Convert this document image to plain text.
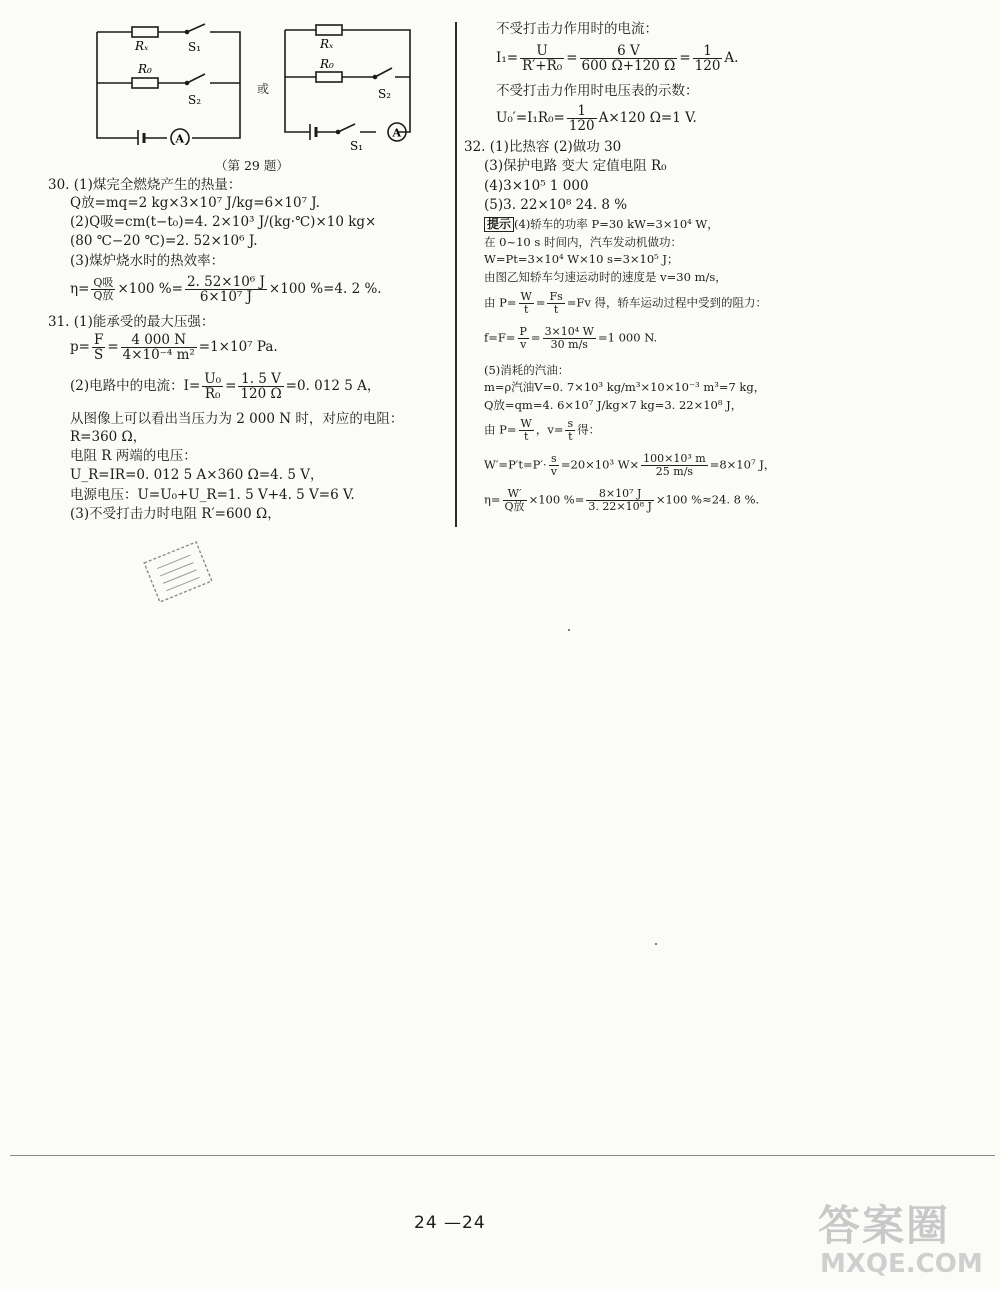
Rₓ	S₁
R₀
S₂
A
或
Rₓ
R₀
S₂
S₁
A
（第 29 题）
30. (1)煤完全燃烧产生的热量：
Q放=mq=2 kg×3×10⁷ J/kg=6×10⁷ J.
(2)Q吸=cm(t−t₀)=4. 2×10³ J/(kg·℃)×10 kg×
(80 ℃−20 ℃)=2. 52×10⁶ J.
(3)煤炉烧水时的热效率：
$\eta= \frac{\text{Q吸}}{\text{Q放}} \times 100$ %= $\frac{\text{2. 52×10⁶ J}}{\text{6×10⁷ J}} \times 100$ %=4. 2 %.
31. (1)能承受的最大压强：
$p= \frac{F}{S} = \frac{4 000 N}{\text{4×10⁻⁴ m²}} =1\times 10^7$ Pa.
(2)电路中的电流：$I= \frac{\text{U₀}}{\text{R₀}} = \frac{1. 5 V}{120 \Omega} =0$. 012 5 A，
从图像上可以看出当压力为 2 000 N 时，对应的电阻：
R=360 Ω，
电阻 R 两端的电压：
U_R=IR=0. 012 5 A×360 Ω=4. 5 V，
电源电压：U=U₀+U_R=1. 5 V+4. 5 V=6 V.
(3)不受打击力时电阻 R′=600 Ω，
不受打击力作用时的电流：
$I_1= \frac{U}{\text{R′+R₀}} = \frac{6 V}{600 \Omega+120 \Omega} = \frac{1}{120} A$.
不受打击力作用时电压表的示数：
$U_0'=I_1R_0= \frac{1}{120} A\times 120$ Ω=1 V.
32. (1)比热容 (2)做功 30
(3)保护电路 变大 定值电阻 R₀
(4)3×10⁵ 1 000
(5)3. 22×10⁸ 24. 8 %
提示 (4)轿车的功率 P=30 kW=3×10⁴ W，
在 0~10 s 时间内，汽车发动机做功：
W=Pt=3×10⁴ W×10 s=3×10⁵ J；
由图乙知轿车匀速运动时的速度是 v=30 m/s，
由 $P= \frac{W}{t} = \frac{Fs}{t} =Fv$ 得，轿车运动过程中受到的阻力：
$f=F= \frac{P}{v} = \frac{\text{3×10⁴ W}}{30 m/s} =1$ 000 N.
(5)消耗的汽油：
m=ρ汽油V=0. 7×10³ kg/m³×10×10⁻³ m³=7 kg，
Q放=qm=4. 6×10⁷ J/kg×7 kg=3. 22×10⁸ J，
由 $P= \frac{W}{t}$ ，$v= \frac{s}{t}$ 得：
$W'=P't=P'\cdot \frac{s}{v} =20\times 10^3$ $W\times \frac{\text{100×10³ m}}{25 m/s} =8\times 10^7$ J，
$\eta= \frac{W'}{\text{Q放}} \times 100$ %= $\frac{\text{8×10⁷ J}}{\text{3. 22×10⁸ J}} \times 100$ %≈24. 8 %.
24 —24	答案圈
MXQE.COM
